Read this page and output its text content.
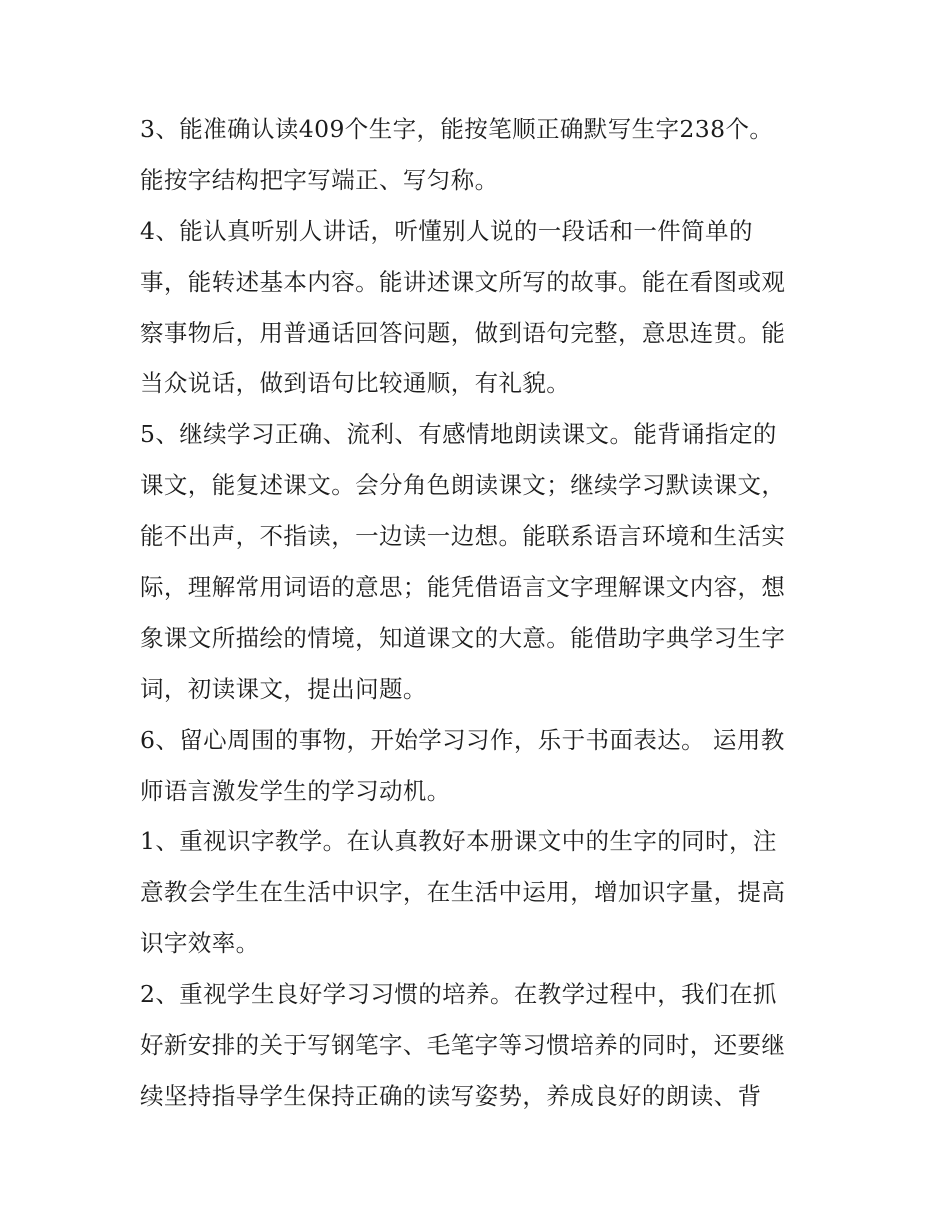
3、能准确认读409个生字，能按笔顺正确默写生字238个。
能按字结构把字写端正、写匀称。
4、能认真听别人讲话，听懂别人说的一段话和一件简单的
事，能转述基本内容。能讲述课文所写的故事。能在看图或观
察事物后，用普通话回答问题，做到语句完整，意思连贯。能
当众说话，做到语句比较通顺，有礼貌。
5、继续学习正确、流利、有感情地朗读课文。能背诵指定的
课文，能复述课文。会分角色朗读课文；继续学习默读课文，
能不出声，不指读，一边读一边想。能联系语言环境和生活实
际，理解常用词语的意思；能凭借语言文字理解课文内容，想
象课文所描绘的情境，知道课文的大意。能借助字典学习生字
词，初读课文，提出问题。
6、留心周围的事物，开始学习习作，乐于书面表达。 运用教
师语言激发学生的学习动机。
1、重视识字教学。在认真教好本册课文中的生字的同时，注
意教会学生在生活中识字，在生活中运用，增加识字量，提高
识字效率。
2、重视学生良好学习习惯的培养。在教学过程中，我们在抓
好新安排的关于写钢笔字、毛笔字等习惯培养的同时，还要继
续坚持指导学生保持正确的读写姿势，养成良好的朗读、背
